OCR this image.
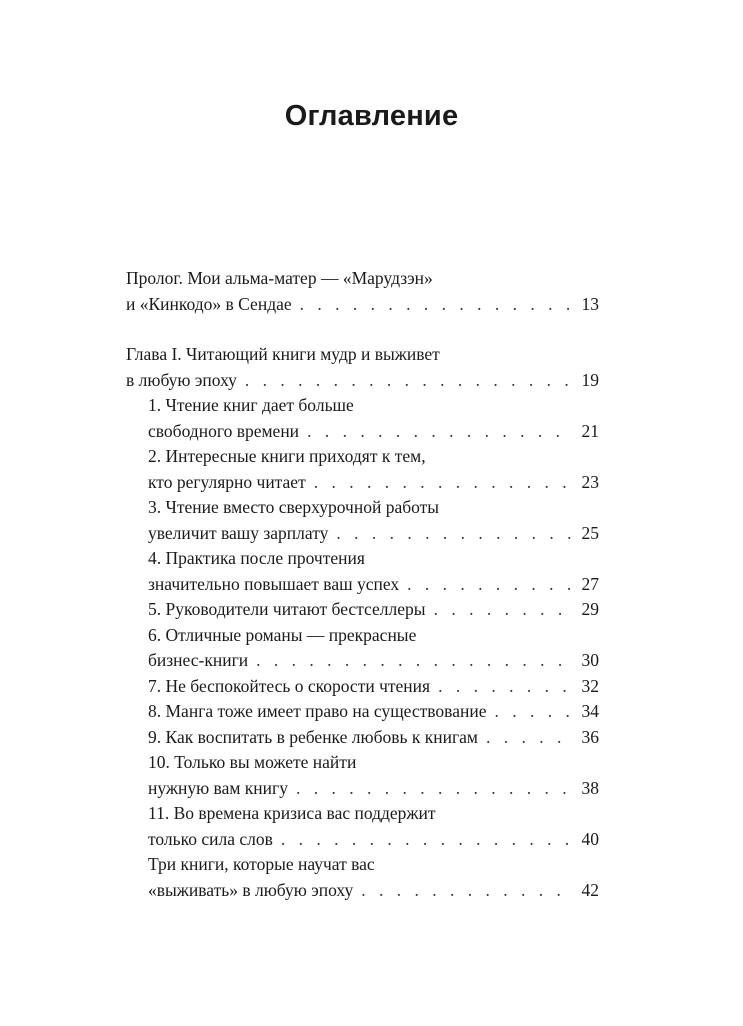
Оглавление
Пролог. Мои альма-матер — «Марудзэн»
и «Кинкодо» в Сендае . . .	13
Глава I. Читающий книги мудр и выживет
в любую эпоху . . .	19
1. Чтение книг дает больше
свободного времени . . .	21
2. Интересные книги приходят к тем,
кто регулярно читает . . .	23
3. Чтение вместо сверхурочной работы
увеличит вашу зарплату . . .	25
4. Практика после прочтения
значительно повышает ваш успех . . .	27
5. Руководители читают бестселлеры . . .	29
6. Отличные романы — прекрасные
бизнес-книги . . .	30
7. Не беспокойтесь о скорости чтения . . .	32
8. Манга тоже имеет право на существование . . .	34
9. Как воспитать в ребенке любовь к книгам . . .	36
10. Только вы можете найти
нужную вам книгу . . .	38
11. Во времена кризиса вас поддержит
только сила слов . . .	40
Три книги, которые научат вас
«выживать» в любую эпоху . . .	42
